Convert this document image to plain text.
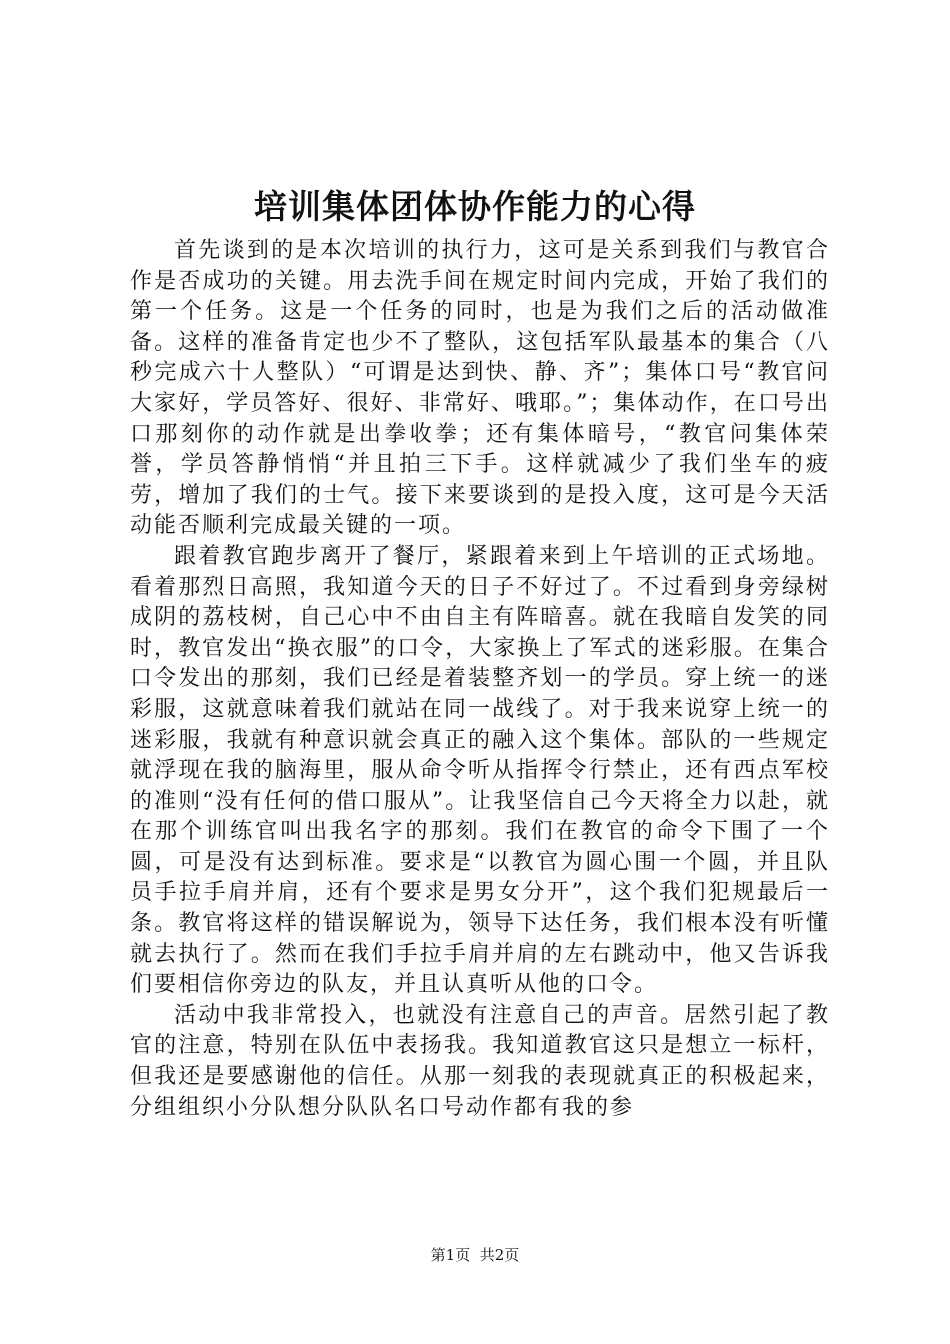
培训集体团体协作能力的心得

首先谈到的是本次培训的执行力，这可是关系到我们与教官合作是否成功的关键。用去洗手间在规定时间内完成，开始了我们的第一个任务。这是一个任务的同时，也是为我们之后的活动做准备。这样的准备肯定也少不了整队，这包括军队最基本的集合（八秒完成六十人整队）“可谓是达到快、静、齐”；集体口号“教官问大家好，学员答好、很好、非常好、哦耶。”；集体动作，在口号出口那刻你的动作就是出拳收拳；还有集体暗号，“教官问集体荣誉，学员答静悄悄“并且拍三下手。这样就减少了我们坐车的疲劳，增加了我们的士气。接下来要谈到的是投入度，这可是今天活动能否顺利完成最关键的一项。

跟着教官跑步离开了餐厅，紧跟着来到上午培训的正式场地。看着那烈日高照，我知道今天的日子不好过了。不过看到身旁绿树成阴的荔枝树，自己心中不由自主有阵暗喜。就在我暗自发笑的同时，教官发出“换衣服”的口令，大家换上了军式的迷彩服。在集合口令发出的那刻，我们已经是着装整齐划一的学员。穿上统一的迷彩服，这就意味着我们就站在同一战线了。对于我来说穿上统一的迷彩服，我就有种意识就会真正的融入这个集体。部队的一些规定就浮现在我的脑海里，服从命令听从指挥令行禁止，还有西点军校的准则“没有任何的借口服从”。让我坚信自己今天将全力以赴，就在那个训练官叫出我名字的那刻。我们在教官的命令下围了一个圆，可是没有达到标准。要求是“以教官为圆心围一个圆，并且队员手拉手肩并肩，还有个要求是男女分开”，这个我们犯规最后一条。教官将这样的错误解说为，领导下达任务，我们根本没有听懂就去执行了。然而在我们手拉手肩并肩的左右跳动中，他又告诉我们要相信你旁边的队友，并且认真听从他的口令。

活动中我非常投入，也就没有注意自己的声音。居然引起了教官的注意，特别在队伍中表扬我。我知道教官这只是想立一标杆，但我还是要感谢他的信任。从那一刻我的表现就真正的积极起来，分组组织小分队想分队队名口号动作都有我的参

第1页 共2页
